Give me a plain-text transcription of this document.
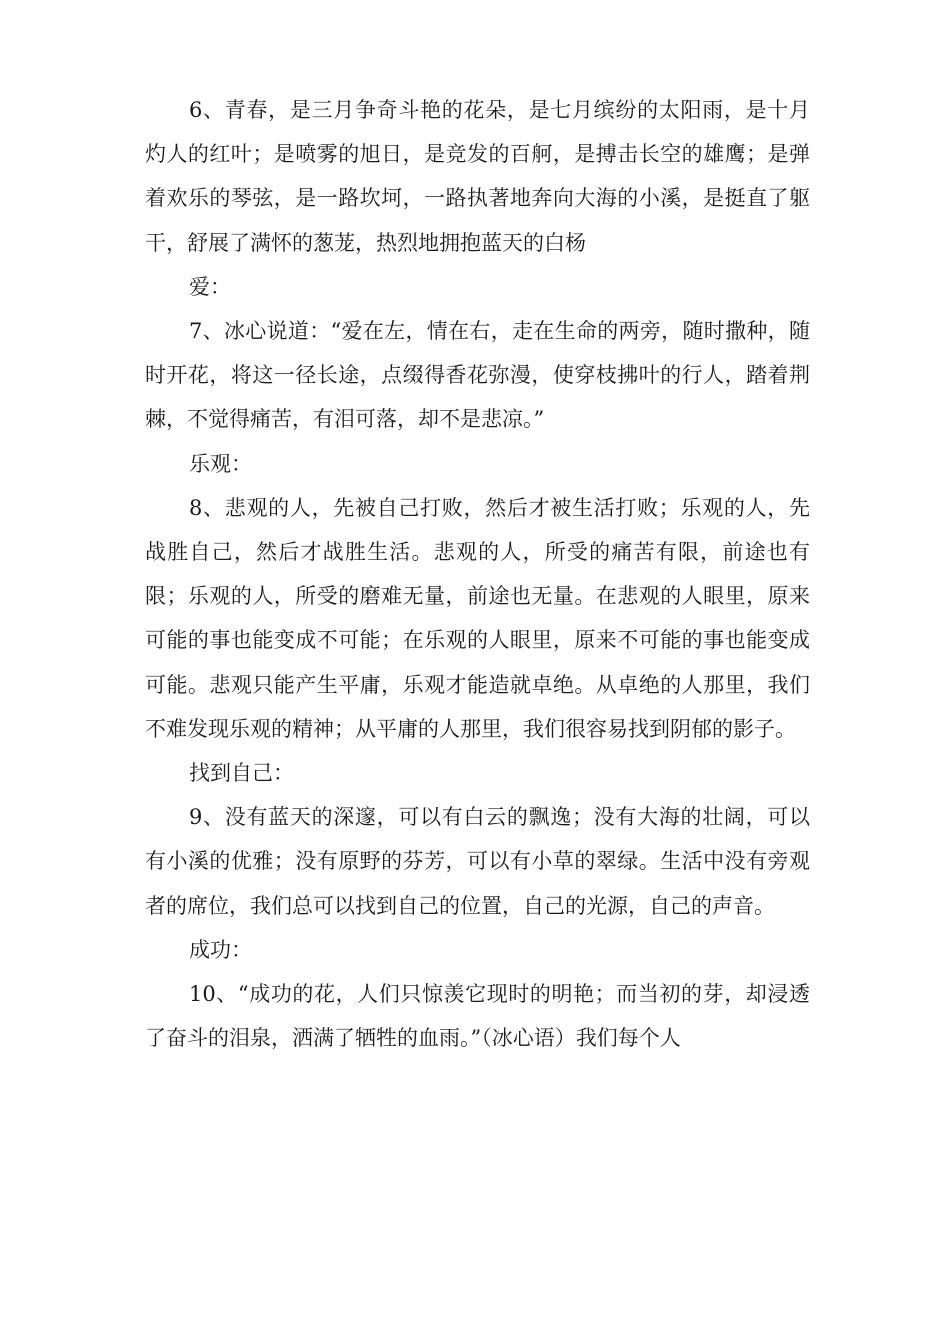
6、青春，是三月争奇斗艳的花朵，是七月缤纷的太阳雨，是十月灼人的红叶；是喷雾的旭日，是竞发的百舸，是搏击长空的雄鹰；是弹着欢乐的琴弦，是一路坎坷，一路执著地奔向大海的小溪，是挺直了躯干，舒展了满怀的葱茏，热烈地拥抱蓝天的白杨

爱：

7、冰心说道：“爱在左，情在右，走在生命的两旁，随时撒种，随时开花，将这一径长途，点缀得香花弥漫，使穿枝拂叶的行人，踏着荆棘，不觉得痛苦，有泪可落，却不是悲凉。”

乐观：

8、悲观的人，先被自己打败，然后才被生活打败；乐观的人，先战胜自己，然后才战胜生活。悲观的人，所受的痛苦有限，前途也有限；乐观的人，所受的磨难无量，前途也无量。在悲观的人眼里，原来可能的事也能变成不可能；在乐观的人眼里，原来不可能的事也能变成可能。悲观只能产生平庸，乐观才能造就卓绝。从卓绝的人那里，我们不难发现乐观的精神；从平庸的人那里，我们很容易找到阴郁的影子。

找到自己：

9、没有蓝天的深邃，可以有白云的飘逸；没有大海的壮阔，可以有小溪的优雅；没有原野的芬芳，可以有小草的翠绿。生活中没有旁观者的席位，我们总可以找到自己的位置，自己的光源，自己的声音。

成功：

10、“成功的花，人们只惊羡它现时的明艳；而当初的芽，却浸透了奋斗的泪泉，洒满了牺牲的血雨。”（冰心语）我们每个人
